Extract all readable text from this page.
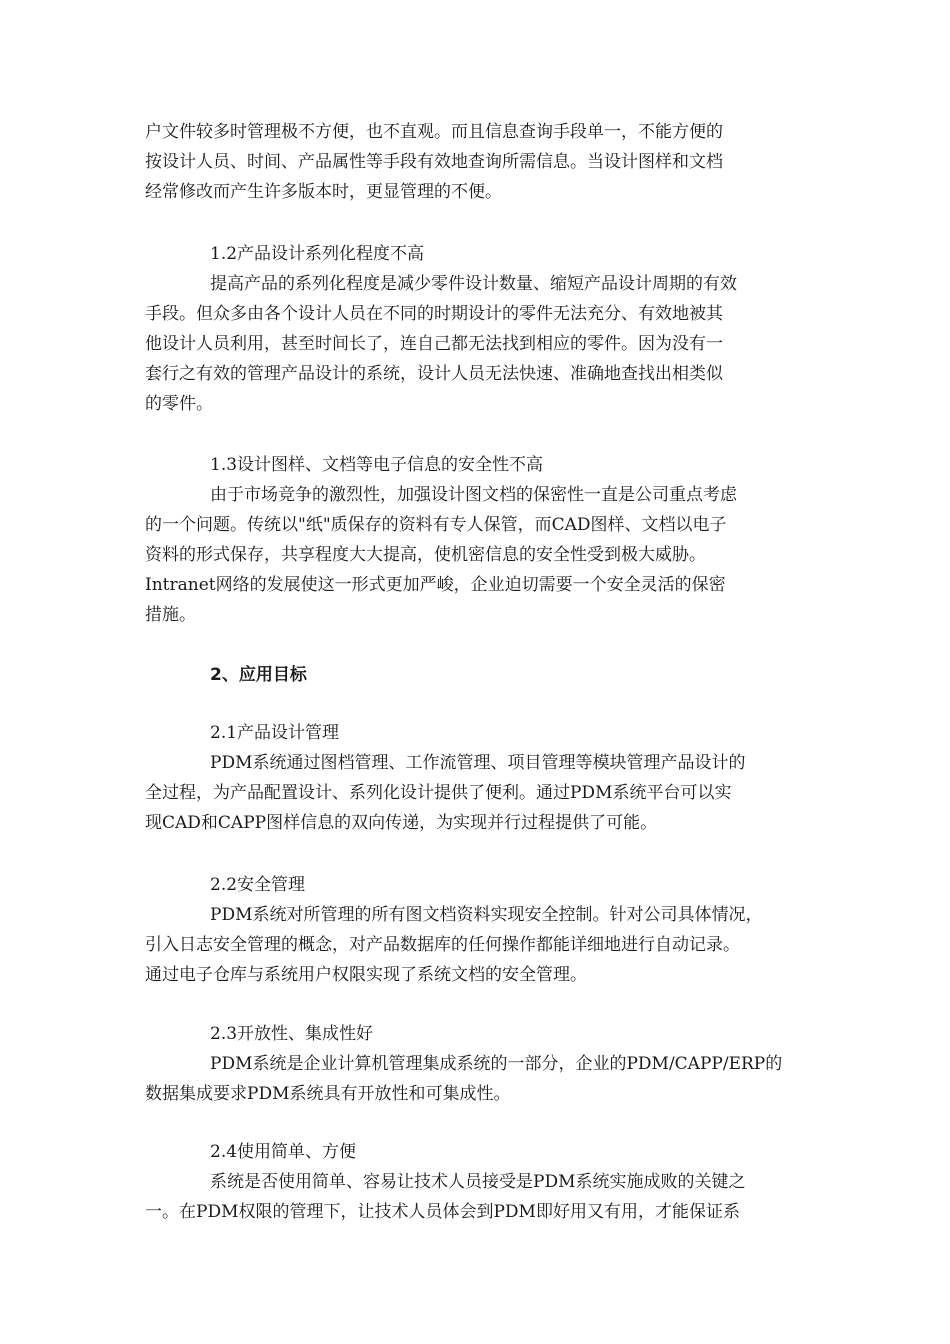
户文件较多时管理极不方便，也不直观。而且信息查询手段单一，不能方便的
按设计人员、时间、产品属性等手段有效地查询所需信息。当设计图样和文档
经常修改而产生许多版本时，更显管理的不便。
1.2产品设计系列化程度不高
提高产品的系列化程度是减少零件设计数量、缩短产品设计周期的有效
手段。但众多由各个设计人员在不同的时期设计的零件无法充分、有效地被其
他设计人员利用，甚至时间长了，连自己都无法找到相应的零件。因为没有一
套行之有效的管理产品设计的系统，设计人员无法快速、准确地查找出相类似
的零件。
1.3设计图样、文档等电子信息的安全性不高
由于市场竞争的激烈性，加强设计图文档的保密性一直是公司重点考虑
的一个问题。传统以"纸"质保存的资料有专人保管，而CAD图样、文档以电子
资料的形式保存，共享程度大大提高，使机密信息的安全性受到极大威胁。
Intranet网络的发展使这一形式更加严峻，企业迫切需要一个安全灵活的保密
措施。
2、应用目标
2.1产品设计管理
PDM系统通过图档管理、工作流管理、项目管理等模块管理产品设计的
全过程，为产品配置设计、系列化设计提供了便利。通过PDM系统平台可以实
现CAD和CAPP图样信息的双向传递，为实现并行过程提供了可能。
2.2安全管理
PDM系统对所管理的所有图文档资料实现安全控制。针对公司具体情况，
引入日志安全管理的概念，对产品数据库的任何操作都能详细地进行自动记录。
通过电子仓库与系统用户权限实现了系统文档的安全管理。
2.3开放性、集成性好
PDM系统是企业计算机管理集成系统的一部分，企业的PDM/CAPP/ERP的
数据集成要求PDM系统具有开放性和可集成性。
2.4使用简单、方便
系统是否使用简单、容易让技术人员接受是PDM系统实施成败的关键之
一。在PDM权限的管理下，让技术人员体会到PDM即好用又有用，才能保证系
